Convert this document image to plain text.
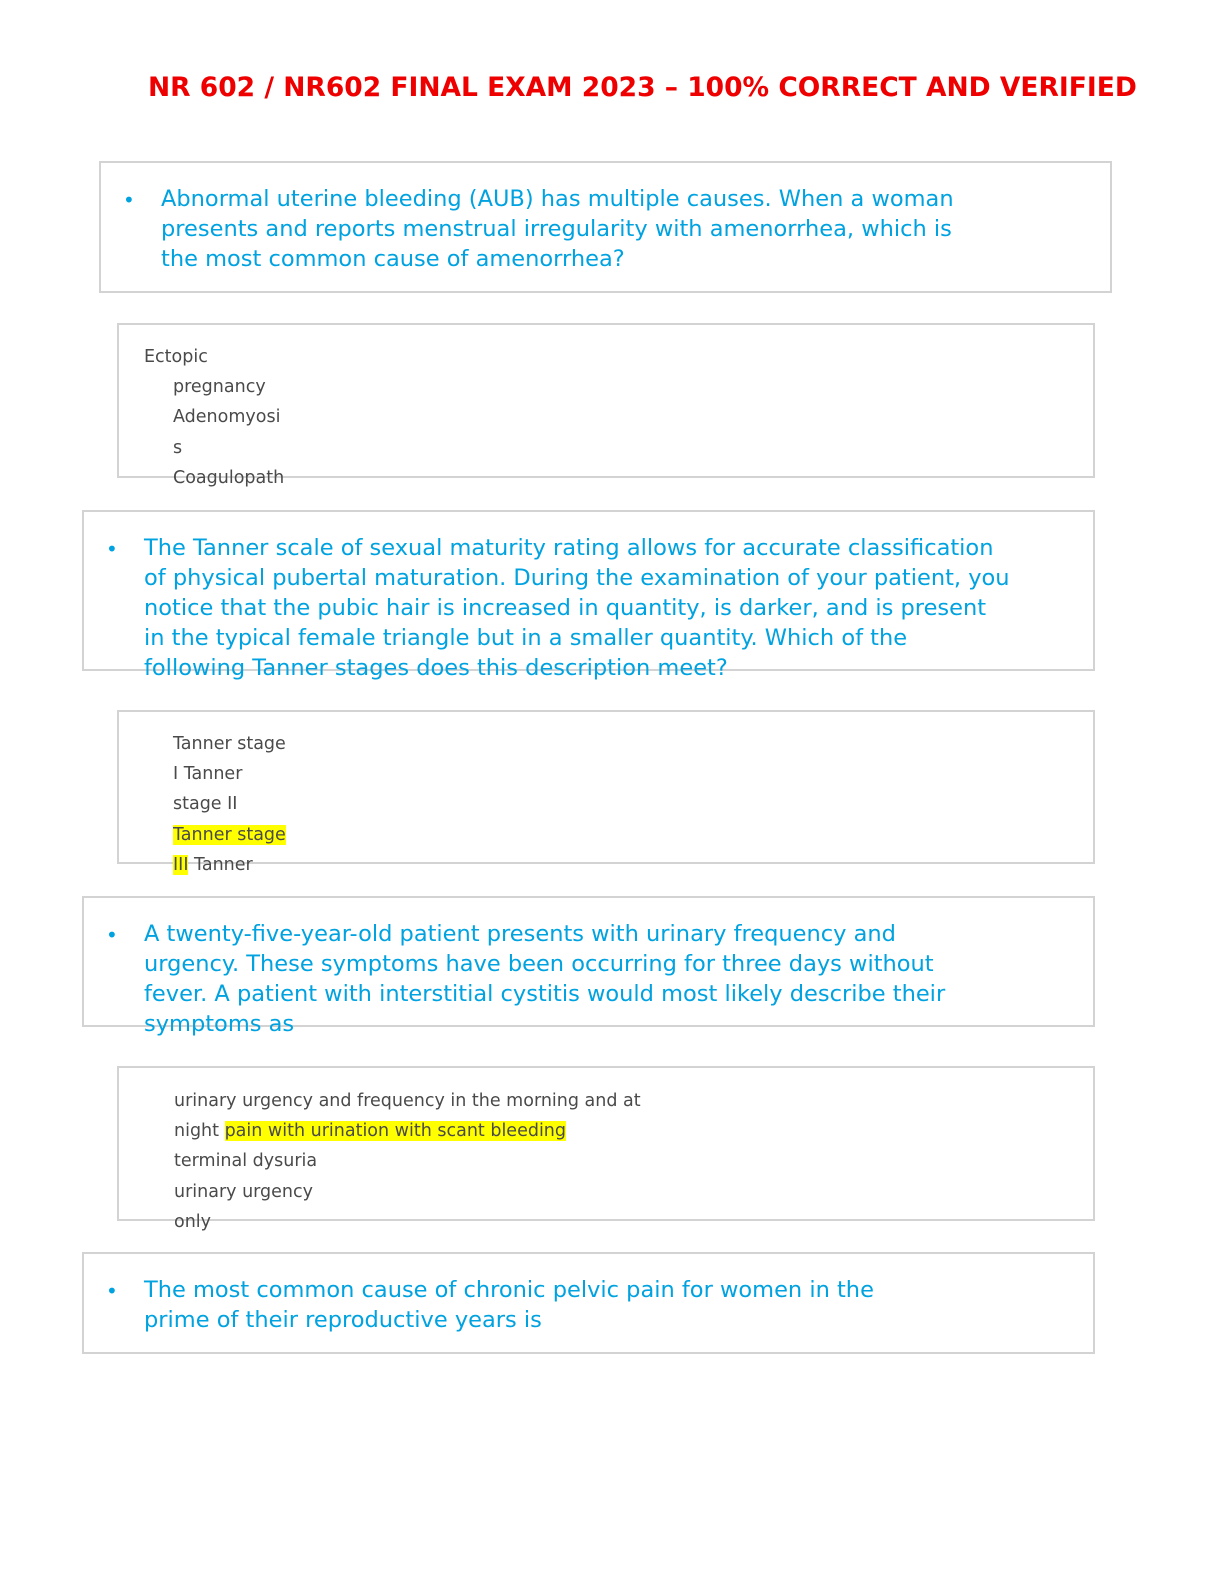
NR 602 / NR602 FINAL EXAM 2023 – 100% CORRECT AND VERIFIED
• Abnormal uterine bleeding (AUB) has multiple causes. When a woman
presents and reports menstrual irregularity with amenorrhea, which is
the most common cause of amenorrhea?

Ectopic
pregnancy
Adenomyosi
s
Coagulopath

• The Tanner scale of sexual maturity rating allows for accurate classification
of physical pubertal maturation. During the examination of your patient, you
notice that the pubic hair is increased in quantity, is darker, and is present
in the typical female triangle but in a smaller quantity. Which of the
following Tanner stages does this description meet?

Tanner stage
I Tanner
stage II
Tanner stage
III Tanner

• A twenty-five-year-old patient presents with urinary frequency and
urgency. These symptoms have been occurring for three days without
fever. A patient with interstitial cystitis would most likely describe their
symptoms as

urinary urgency and frequency in the morning and at
night pain with urination with scant bleeding
terminal dysuria
urinary urgency
only

• The most common cause of chronic pelvic pain for women in the
prime of their reproductive years is
